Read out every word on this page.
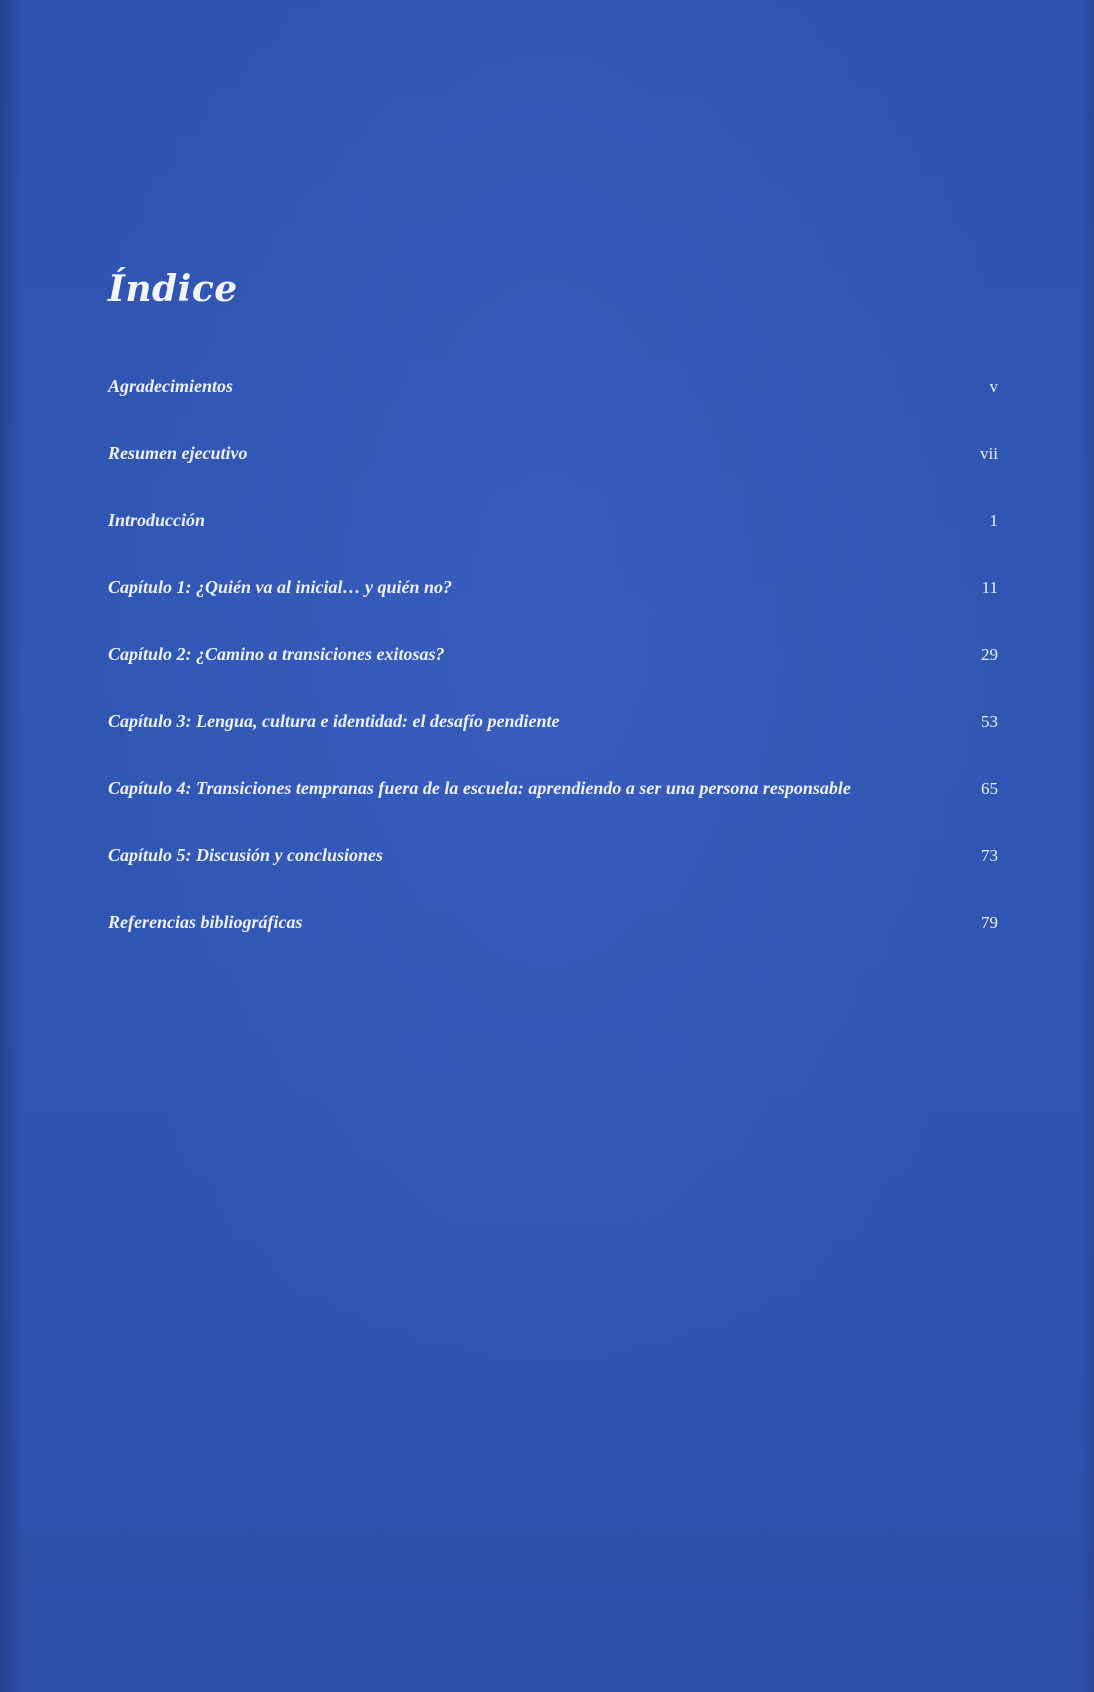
Índice
Agradecimientos	v
Resumen ejecutivo	vii
Introducción	1
Capítulo 1: ¿Quién va al inicial… y quién no?	11
Capítulo 2: ¿Camino a transiciones exitosas?	29
Capítulo 3: Lengua, cultura e identidad: el desafío pendiente	53
Capítulo 4: Transiciones tempranas fuera de la escuela: aprendiendo a ser una persona responsable	65
Capítulo 5: Discusión y conclusiones	73
Referencias bibliográficas	79
